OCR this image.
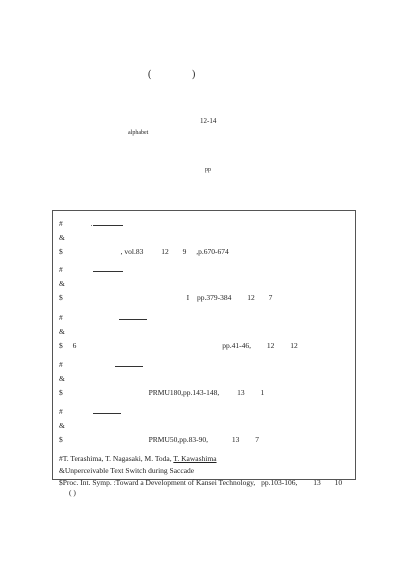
(	)
12-14
alphabet
pp
#	.
&
$	, vol.83 12 9 ,p.670-674
#
&
$	I pp.379-384 12 7
#
&
$ 6	pp.41-46, 12 12
#
&
$	PRMU180,pp.143-148, 13 1
#
&
$	PRMU50,pp.83-90,	13 7
#T. Terashima, T. Nagasaki, M. Toda, T. Kawashima
&Unperceivable Text Switch during Saccade
$Proc. Int. Symp. :Toward a Development of Kansei Technology, pp.103-106, 13 10
( )
